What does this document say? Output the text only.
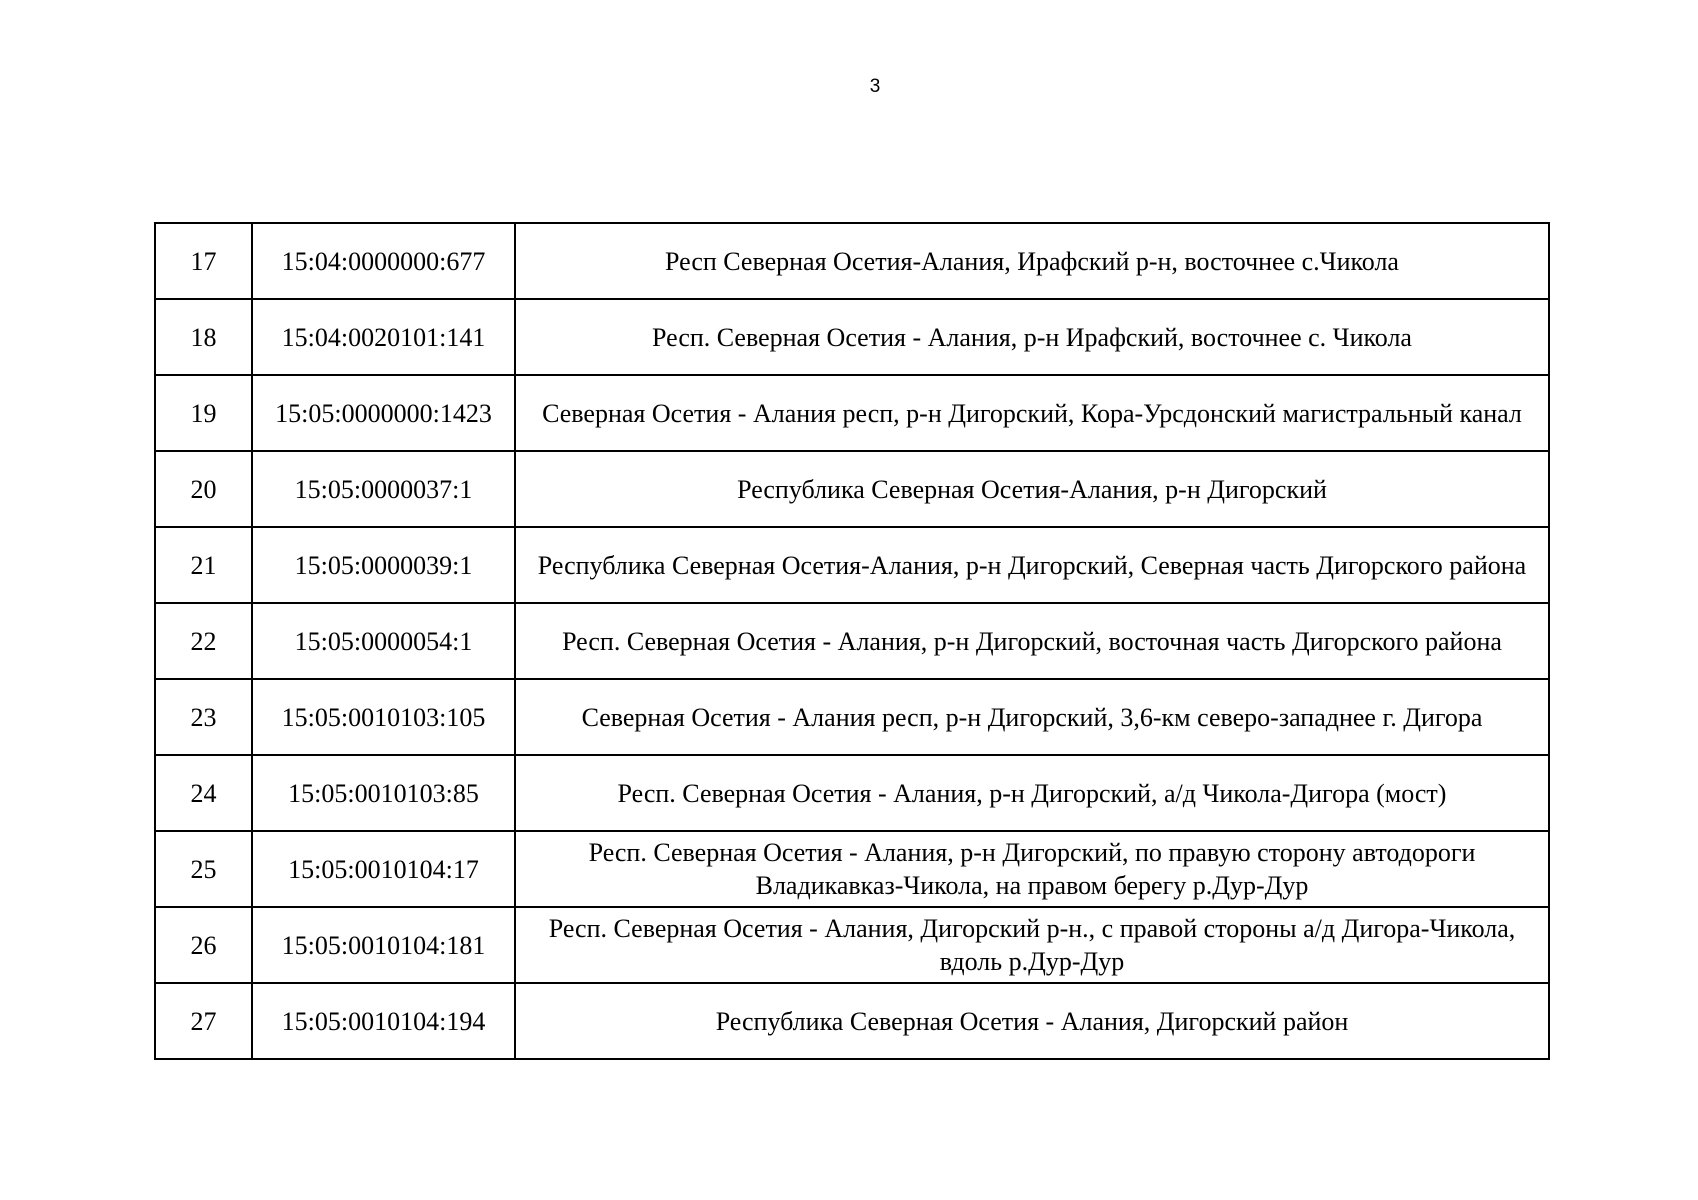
3
17	15:04:0000000:677	Респ Северная Осетия-Алания, Ирафский р-н, восточнее с.Чикола
18	15:04:0020101:141	Респ. Северная Осетия - Алания, р-н Ирафский, восточнее с. Чикола
19	15:05:0000000:1423	Северная Осетия - Алания респ, р-н Дигорский, Кора-Урсдонский магистральный канал
20	15:05:0000037:1	Республика Северная Осетия-Алания, р-н Дигорский
21	15:05:0000039:1	Республика Северная Осетия-Алания, р-н Дигорский, Северная часть Дигорского района
22	15:05:0000054:1	Респ. Северная Осетия - Алания, р-н Дигорский, восточная часть Дигорского района
23	15:05:0010103:105	Северная Осетия - Алания респ, р-н Дигорский, 3,6-км северо-западнее г. Дигора
24	15:05:0010103:85	Респ. Северная Осетия - Алания, р-н Дигорский, а/д Чикола-Дигора (мост)
25	15:05:0010104:17	Респ. Северная Осетия - Алания, р-н Дигорский, по правую сторону автодороги Владикавказ-Чикола, на правом берегу р.Дур-Дур
26	15:05:0010104:181	Респ. Северная Осетия - Алания, Дигорский р-н., с правой стороны а/д Дигора-Чикола, вдоль р.Дур-Дур
27	15:05:0010104:194	Республика Северная Осетия - Алания, Дигорский район
